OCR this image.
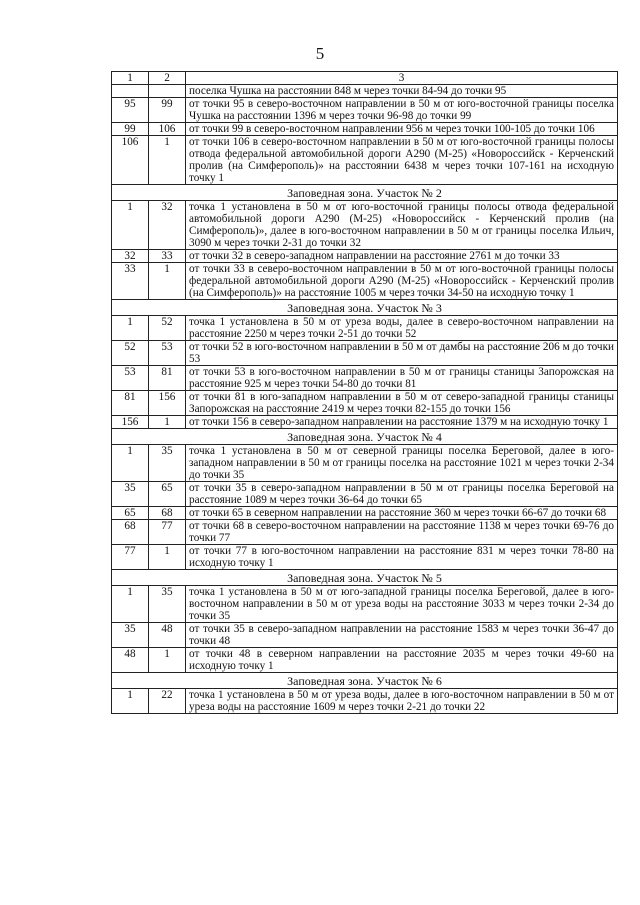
5
1	2	3
		поселка Чушка на расстоянии 848 м через точки 84-94 до точки 95
95	99	от точки 95 в северо-восточном направлении в 50 м от юго-восточной границы поселка Чушка на расстоянии 1396 м через точки 96-98 до точки 99
99	106	от точки 99 в северо-восточном направлении 956 м через точки 100-105 до точки 106
106	1	от точки 106 в северо-восточном направлении в 50 м от юго-восточной границы полосы отвода федеральной автомобильной дороги А290 (М-25) «Новороссийск - Керченский пролив (на Симферополь)» на расстоянии 6438 м через точки 107-161 на исходную точку 1
Заповедная зона. Участок № 2		
1	32	точка 1 установлена в 50 м от юго-восточной границы полосы отвода федеральной автомобильной дороги А290 (М-25) «Новороссийск - Керченский пролив (на Симферополь)», далее в юго-восточном направлении в 50 м от границы поселка Ильич, 3090 м через точки 2-31 до точки 32
32	33	от точки 32 в северо-западном направлении на расстояние 2761 м до точки 33
33	1	от точки 33 в северо-восточном направлении в 50 м от юго-восточной границы полосы федеральной автомобильной дороги А290 (М-25) «Новороссийск - Керченский пролив (на Симферополь)» на расстояние 1005 м через точки 34-50 на исходную точку 1
Заповедная зона. Участок № 3		
1	52	точка 1 установлена в 50 м от уреза воды, далее в северо-восточном направлении на расстояние 2250 м через точки 2-51 до точки 52
52	53	от точки 52 в юго-восточном направлении в 50 м от дамбы на расстояние 206 м до точки 53
53	81	от точки 53 в юго-восточном направлении в 50 м от границы станицы Запорожская на расстояние 925 м через точки 54-80 до точки 81
81	156	от точки 81 в юго-западном направлении в 50 м от северо-западной границы станицы Запорожская на расстояние 2419 м через точки 82-155 до точки 156
156	1	от точки 156 в северо-западном направлении на расстояние 1379 м на исходную точку 1
Заповедная зона. Участок № 4		
1	35	точка 1 установлена в 50 м от северной границы поселка Береговой, далее в юго-западном направлении в 50 м от границы поселка на расстояние 1021 м через точки 2-34 до точки 35
35	65	от точки 35 в северо-западном направлении в 50 м от границы поселка Береговой на расстояние 1089 м через точки 36-64 до точки 65
65	68	от точки 65 в северном направлении на расстояние 360 м через точки 66-67 до точки 68
68	77	от точки 68 в северо-восточном направлении на расстояние 1138 м через точки 69-76 до точки 77
77	1	от точки 77 в юго-восточном направлении на расстояние 831 м через точки 78-80 на исходную точку 1
Заповедная зона. Участок № 5		
1	35	точка 1 установлена в 50 м от юго-западной границы поселка Береговой, далее в юго-восточном направлении в 50 м от уреза воды на расстояние 3033 м через точки 2-34 до точки 35
35	48	от точки 35 в северо-западном направлении на расстояние 1583 м через точки 36-47 до точки 48
48	1	от точки 48 в северном направлении на расстояние 2035 м через точки 49-60 на исходную точку 1
Заповедная зона. Участок № 6		
1	22	точка 1 установлена в 50 м от уреза воды, далее в юго-восточном направлении в 50 м от уреза воды на расстояние 1609 м через точки 2-21 до точки 22
